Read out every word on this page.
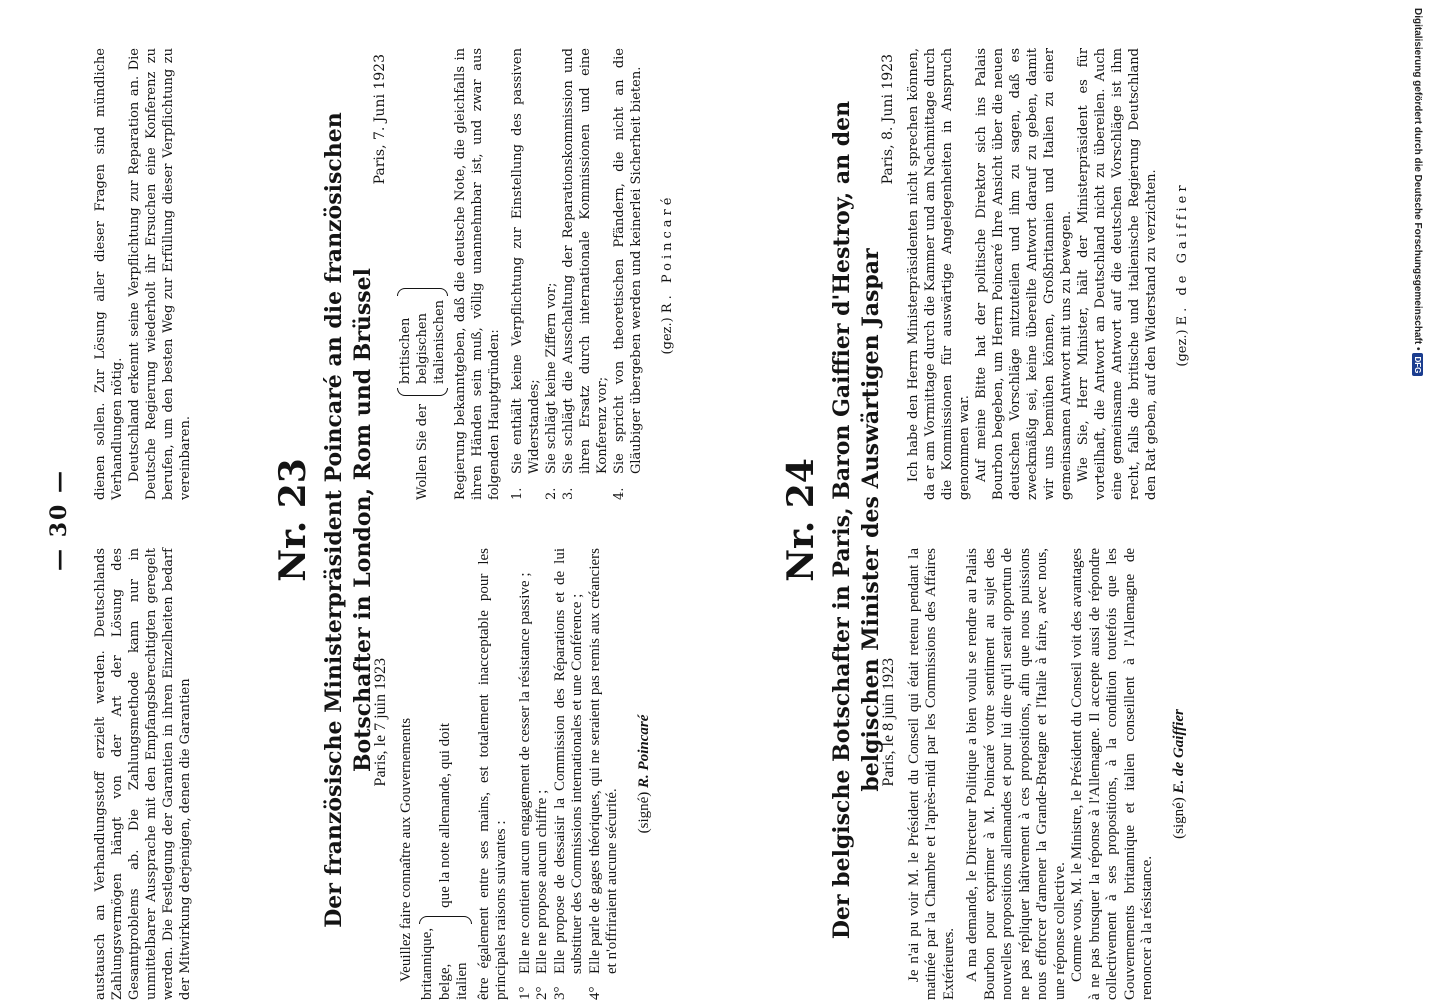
— 30 —

austausch an Verhandlungsstoff erzielt werden. Deutschlands Zahlungsvermögen hängt von der Art der Lösung des Gesamtproblems ab. Die Zahlungsmethode kann nur in unmittelbarer Aussprache mit den Empfangsberechtigten geregelt werden. Die Festlegung der Garantien in ihren Einzelheiten bedarf der Mitwirkung derjenigen, denen die Garantien

dienen sollen. Zur Lösung aller dieser Fragen sind mündliche Verhandlungen nötig. Deutschland erkennt seine Verpflichtung zur Reparation an. Die Deutsche Regierung wiederholt ihr Ersuchen eine Konferenz zu berufen, um den besten Weg zur Erfüllung dieser Verpflichtung zu vereinbaren.

Nr. 23 Der französische Ministerpräsident Poincaré an die französischen Botschafter in London, Rom und Brüssel

Paris, le 7 juin 1923 Veuillez faire connaître aux Gouvernements britannique, belge, italien
que la note allemande, qui doit être également entre ses mains, est totalement inacceptable pour les principales raisons suivantes : 1°
Elle ne contient aucun engagement de cesser la résistance passive ;
2°
Elle ne propose aucun chiffre ;
3°
Elle propose de dessaisir la Commission des Réparations et de lui substituer des Commissions internationales et une Conférence ;
4°
Elle parle de gages théoriques, qui ne seraient pas remis aux créanciers et n'offriraient aucune sécurité. (signé) R. Poincaré

Paris, 7. Juni 1923

Wollen Sie der
britischen belgischen italienischen Regierung bekanntgeben, daß die deutsche Note, die gleichfalls in ihren Händen sein muß, völlig unannehmbar ist, und zwar aus folgenden Hauptgründen: 1.
Sie enthält keine Verpflichtung zur Einstellung des passiven Widerstandes;
2.
Sie schlägt keine Ziffern vor;
3.
Sie schlägt die Ausschaltung der Reparationskommission und ihren Ersatz durch internationale Kommissionen und eine Konferenz vor;
4.
Sie spricht von theoretischen Pfändern, die nicht an die Gläubiger übergeben werden und keinerlei Sicherheit bieten. (gez.) R. Poincaré

Nr. 24 Der belgische Botschafter in Paris, Baron Gaiffier d'Hestroy, an den belgischen Minister des Auswärtigen Jaspar

Paris, le 8 juin 1923 Je n'ai pu voir M. le Président du Conseil qui était retenu pendant la matinée par la Chambre et l'après-midi par les Commissions des Affaires Extérieures. A ma demande, le Directeur Politique a bien voulu se rendre au Palais Bourbon pour exprimer à M. Poincaré votre sentiment au sujet des nouvelles propositions allemandes et pour lui dire qu'il serait opportun de ne pas répliquer hâtivement à ces propositions, afin que nous puissions nous efforcer d'amener la Grande-Bretagne et l'Italie à faire, avec nous, une réponse collective. Comme vous, M. le Ministre, le Président du Conseil voit des avantages à ne pas brusquer la réponse à l'Allemagne. Il accepte aussi de répondre collectivement à ses propositions, à la condition toutefois que les Gouvernements britannique et italien conseillent à l'Allemagne de renoncer à la résistance.

(signé) E. de Gaiffier

Paris, 8. Juni 1923 Ich habe den Herrn Ministerpräsidenten nicht sprechen können, da er am Vormittage durch die Kammer und am Nachmittage durch die Kommissionen für auswärtige Angelegenheiten in Anspruch genommen war. Auf meine Bitte hat der politische Direktor sich ins Palais Bourbon begeben, um Herrn Poincaré Ihre Ansicht über die neuen deutschen Vorschläge mitzuteilen und ihm zu sagen, daß es zweckmäßig sei, keine übereilte Antwort darauf zu geben, damit wir uns bemühen können, Großbritannien und Italien zu einer gemeinsamen Antwort mit uns zu bewegen. Wie Sie, Herr Minister, hält der Ministerpräsident es für vorteilhaft, die Antwort an Deutschland nicht zu übereilen. Auch eine gemeinsame Antwort auf die deutschen Vorschläge ist ihm recht, falls die britische und italienische Regierung Deutschland den Rat geben, auf den Widerstand zu verzichten. (gez.) E. de Gaiffier	Digitalisierung gefördert durch die Deutsche Forschungsgemeinschaft •
DFG
